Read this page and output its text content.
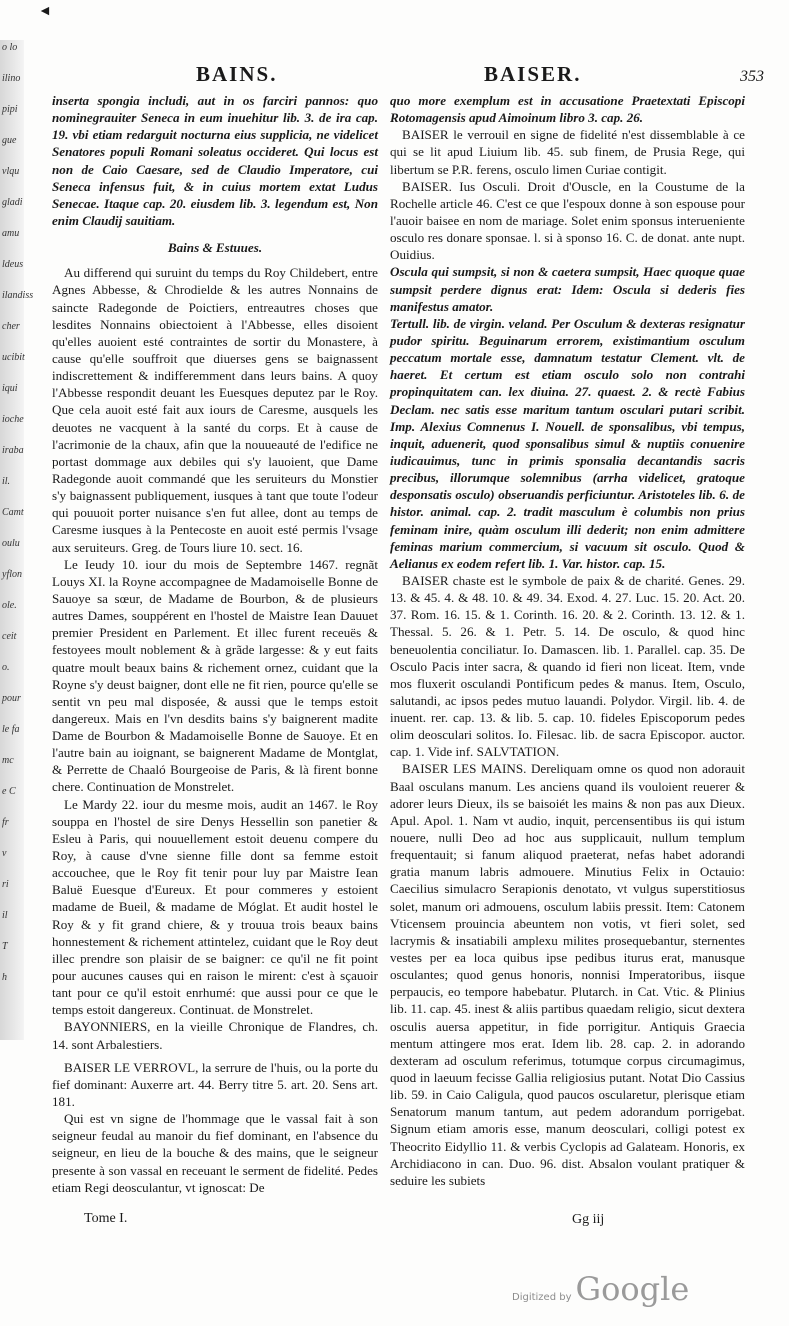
o lo
ilino
pipi
gue
vlqu
gladi
amu
ldeus
ilandiss
cher
ucibit
iqui
ioche
iraba
il.
Camt
oulu
yflon
ole.
ceit
o.
pour
le fa
mc
e C
fr
v
ri
il
T
h
◄
BAINS.	BAISER.	353

inserta spongia includi, aut in os farciri pannos: quo nominegrauiter Seneca in eum inuehitur lib. 3. de ira cap. 19. vbi etiam redarguit nocturna eius supplicia, ne videlicet Senatores populi Romani soleatus occideret. Qui locus est non de Caio Caesare, sed de Claudio Imperatore, cui Seneca infensus fuit, & in cuius mortem extat Ludus Senecae. Itaque cap. 20. eiusdem lib. 3. legendum est, Non enim Claudij sauitiam.

Bains & Estuues.

Au differend qui suruint du temps du Roy Childebert, entre Agnes Abbesse, & Chrodielde & les autres Nonnains de saincte Radegonde de Poictiers, entreautres choses que lesdites Nonnains obiectoient à l'Abbesse, elles disoient qu'elles auoient esté contraintes de sortir du Monastere, à cause qu'elle souffroit que diuerses gens se baignassent indiscrettement & indifferemment dans leurs bains. A quoy l'Abbesse respondit deuant les Euesques deputez par le Roy. Que cela auoit esté fait aux iours de Caresme, ausquels les deuotes ne vacquent à la santé du corps. Et à cause de l'acrimonie de la chaux, afin que la nouueauté de l'edifice ne portast dommage aux debiles qui s'y lauoient, que Dame Radegonde auoit commandé que les seruiteurs du Monstier s'y baignassent publiquement, iusques à tant que toute l'odeur qui pouuoit porter nuisance s'en fut allee, dont au temps de Caresme iusques à la Pentecoste en auoit esté permis l'vsage aux seruiteurs. Greg. de Tours liure 10. sect. 16.

Le Ieudy 10. iour du mois de Septembre 1467. regnãt Louys XI. la Royne accompagnee de Madamoiselle Bonne de Sauoye sa sœur, de Madame de Bourbon, & de plusieurs autres Dames, souppérent en l'hostel de Maistre Iean Dauuet premier President en Parlement. Et illec furent receuës & festoyees moult noblement & à grãde largesse: & y eut faits quatre moult beaux bains & richement ornez, cuidant que la Royne s'y deust baigner, dont elle ne fit rien, pource qu'elle se sentit vn peu mal disposée, & aussi que le temps estoit dangereux. Mais en l'vn desdits bains s'y baignerent madite Dame de Bourbon & Madamoiselle Bonne de Sauoye. Et en l'autre bain au ioignant, se baignerent Madame de Montglat, & Perrette de Chaaló Bourgeoise de Paris, & là firent bonne chere. Continuation de Monstrelet.

Le Mardy 22. iour du mesme mois, audit an 1467. le Roy souppa en l'hostel de sire Denys Hessellin son panetier & Esleu à Paris, qui nouuellement estoit deuenu compere du Roy, à cause d'vne sienne fille dont sa femme estoit accouchee, que le Roy fit tenir pour luy par Maistre Iean Baluë Euesque d'Eureux. Et pour commeres y estoient madame de Bueil, & madame de Móglat. Et audit hostel le Roy & y fit grand chiere, & y trouua trois beaux bains honnestement & richement attintelez, cuidant que le Roy deut illec prendre son plaisir de se baigner: ce qu'il ne fit point pour aucunes causes qui en raison le mirent: c'est à sçauoir tant pour ce qu'il estoit enrhumé: que aussi pour ce que le temps estoit dangereux. Continuat. de Monstrelet.

BAYONNIERS, en la vieille Chronique de Flandres, ch. 14. sont Arbalestiers.

BAISER LE VERROVL, la serrure de l'huis, ou la porte du fief dominant: Auxerre art. 44. Berry titre 5. art. 20. Sens art. 181.

Qui est vn signe de l'hommage que le vassal fait à son seigneur feudal au manoir du fief dominant, en l'absence du seigneur, en lieu de la bouche & des mains, que le seigneur presente à son vassal en receuant le serment de fidelité. Pedes etiam Regi deosculantur, vt ignoscat: De

quo more exemplum est in accusatione Praetextati Episcopi Rotomagensis apud Aimoinum libro 3. cap. 26.

BAISER le verrouil en signe de fidelité n'est dissemblable à ce qui se lit apud Liuium lib. 45. sub finem, de Prusia Rege, qui libertum se P.R. ferens, osculo limen Curiae contigit.

BAISER. Ius Osculi. Droit d'Ouscle, en la Coustume de la Rochelle article 46. C'est ce que l'espoux donne à son espouse pour l'auoir baisee en nom de mariage. Solet enim sponsus interueniente osculo res donare sponsae. l. si à sponso 16. C. de donat. ante nupt. Ouidius.

Oscula qui sumpsit, si non & caetera sumpsit, Haec quoque quae sumpsit perdere dignus erat: Idem: Oscula si dederis fies manifestus amator.

Tertull. lib. de virgin. veland. Per Osculum & dexteras resignatur pudor spiritu. Beguinarum errorem, existimantium osculum peccatum mortale esse, damnatum testatur Clement. vlt. de haeret. Et certum est etiam osculo solo non contrahi propinquitatem can. lex diuina. 27. quaest. 2. & rectè Fabius Declam. nec satis esse maritum tantum osculari putari scribit. Imp. Alexius Comnenus I. Nouell. de sponsalibus, vbi tempus, inquit, aduenerit, quod sponsalibus simul & nuptiis conuenire iudicauimus, tunc in primis sponsalia decantandis sacris precibus, illorumque solemnibus (arrha videlicet, gratoque desponsatis osculo) obseruandis perficiuntur. Aristoteles lib. 6. de histor. animal. cap. 2. tradit masculum è columbis non prius feminam inire, quàm osculum illi dederit; non enim admittere feminas marium commercium, si vacuum sit osculo. Quod & Aelianus ex eodem refert lib. 1. Var. histor. cap. 15.

BAISER chaste est le symbole de paix & de charité. Genes. 29. 13. & 45. 4. & 48. 10. & 49. 34. Exod. 4. 27. Luc. 15. 20. Act. 20. 37. Rom. 16. 15. & 1. Corinth. 16. 20. & 2. Corinth. 13. 12. & 1. Thessal. 5. 26. & 1. Petr. 5. 14. De osculo, & quod hinc beneuolentia conciliatur. Io. Damascen. lib. 1. Parallel. cap. 35. De Osculo Pacis inter sacra, & quando id fieri non liceat. Item, vnde mos fluxerit osculandi Pontificum pedes & manus. Item, Osculo, salutandi, ac ipsos pedes mutuo lauandi. Polydor. Virgil. lib. 4. de inuent. rer. cap. 13. & lib. 5. cap. 10. fideles Episcoporum pedes olim deosculari solitos. Io. Filesac. lib. de sacra Episcopor. auctor. cap. 1. Vide inf. SALVTATION.

BAISER LES MAINS. Dereliquam omne os quod non adorauit Baal osculans manum. Les anciens quand ils vouloient reuerer & adorer leurs Dieux, ils se baisoiét les mains & non pas aux Dieux. Apul. Apol. 1. Nam vt audio, inquit, percensentibus iis qui istum nouere, nulli Deo ad hoc aus supplicauit, nullum templum frequentauit; si fanum aliquod praeterat, nefas habet adorandi gratia manum labris admouere. Minutius Felix in Octauio: Caecilius simulacro Serapionis denotato, vt vulgus superstitiosus solet, manum ori admouens, osculum labiis pressit. Item: Catonem Vticensem prouincia abeuntem non votis, vt fieri solet, sed lacrymis & insatiabili amplexu milites prosequebantur, sternentes vestes per ea loca quibus ipse pedibus iturus erat, manusque osculantes; quod genus honoris, nonnisi Imperatoribus, iisque perpaucis, eo tempore habebatur. Plutarch. in Cat. Vtic. & Plinius lib. 11. cap. 45. inest & aliis partibus quaedam religio, sicut dextera osculis auersa appetitur, in fide porrigitur. Antiquis Graecia mentum attingere mos erat. Idem lib. 28. cap. 2. in adorando dexteram ad osculum referimus, totumque corpus circumagimus, quod in laeuum fecisse Gallia religiosius putant. Notat Dio Cassius lib. 59. in Caio Caligula, quod paucos oscularetur, plerisque etiam Senatorum manum tantum, aut pedem adorandum porrigebat. Signum etiam amoris esse, manum deosculari, colligi potest ex Theocrito Eidyllio 11. & verbis Cyclopis ad Galateam. Honoris, ex Archidiacono in can. Duo. 96. dist. Absalon voulant pratiquer & seduire les subiets

Tome I.	Gg iij
Digitized by Google
